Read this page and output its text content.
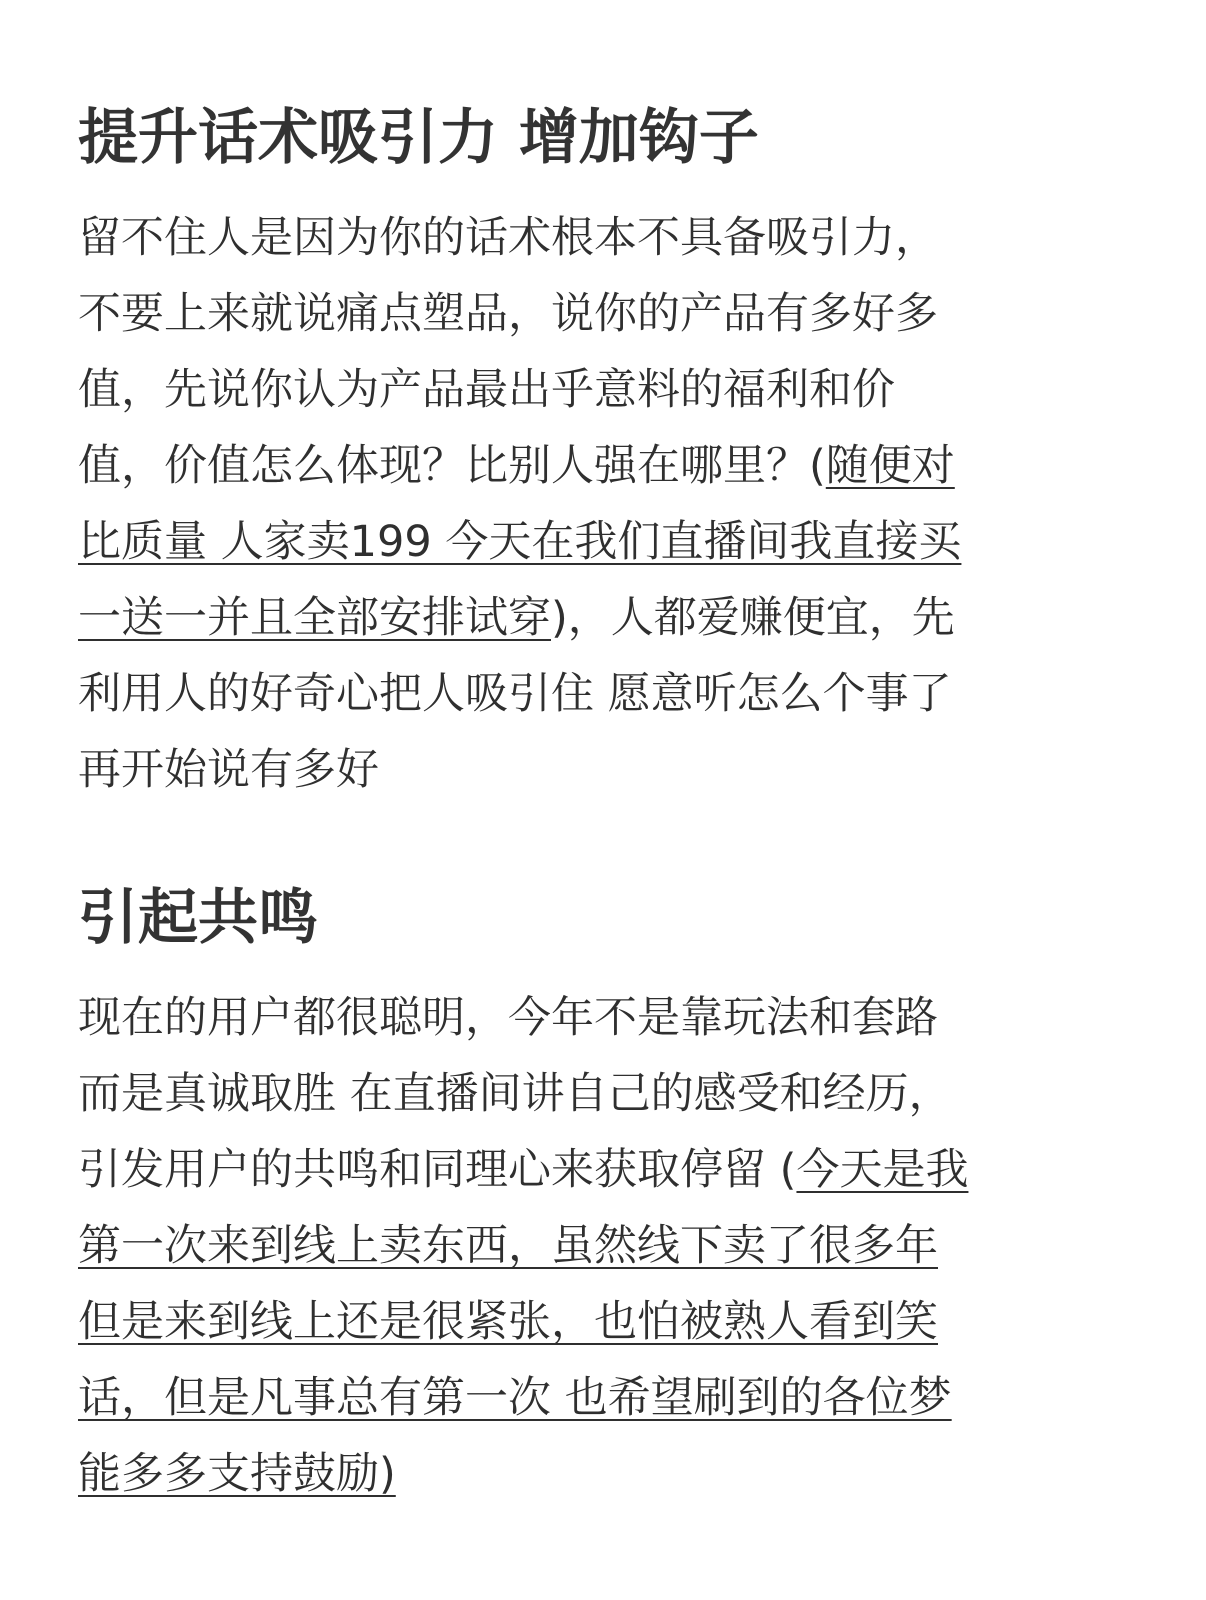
提升话术吸引力 增加钩子
留不住人是因为你的话术根本不具备吸引力，
不要上来就说痛点塑品，说你的产品有多好多
值，先说你认为产品最出乎意料的福利和价
值，价值怎么体现？比别人强在哪里？(随便对
比质量 人家卖199 今天在我们直播间我直接买
一送一并且全部安排试穿)，人都爱赚便宜，先
利用人的好奇心把人吸引住 愿意听怎么个事了
再开始说有多好
引起共鸣
现在的用户都很聪明，今年不是靠玩法和套路
而是真诚取胜 在直播间讲自己的感受和经历，
引发用户的共鸣和同理心来获取停留 (今天是我
第一次来到线上卖东西，虽然线下卖了很多年
但是来到线上还是很紧张，也怕被熟人看到笑
话，但是凡事总有第一次 也希望刷到的各位梦
能多多支持鼓励)
